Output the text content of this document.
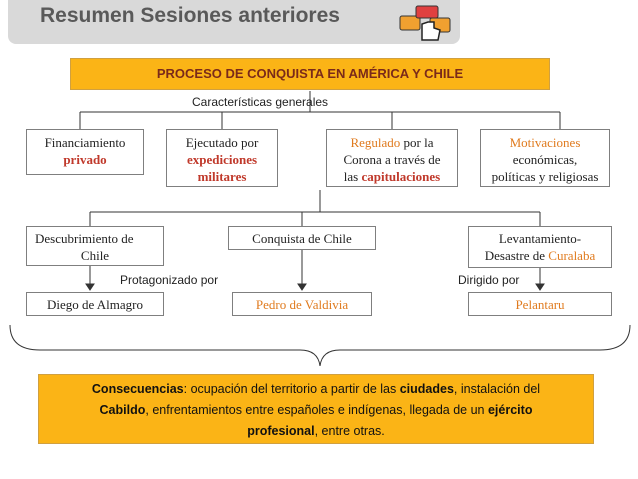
Resumen Sesiones anteriores
PROCESO DE CONQUISTA EN AMÉRICA Y CHILE
Características generales
Financiamiento
privado
Ejecutado por
expediciones
militares
Regulado por la
Corona a través de
las capitulaciones
Motivaciones
económicas,
políticas y religiosas
Descubrimiento de
Chile
Conquista de Chile	Levantamiento-
Desastre de Curalaba
Protagonizado por	Dirigido por
Diego de Almagro	Pedro de Valdivia	Pelantaru
Consecuencias: ocupación del territorio a partir de las ciudades, instalación del
Cabildo, enfrentamientos entre españoles e indígenas, llegada de un ejército
profesional, entre otras.
